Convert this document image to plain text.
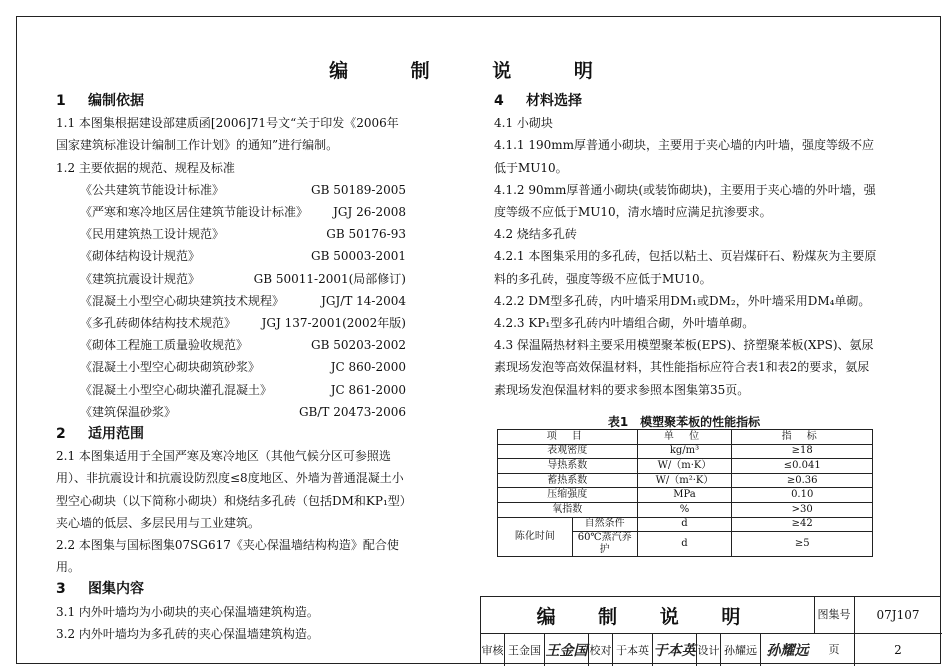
编 制 说 明
1 编制依据

1.1 本图集根据建设部建质函[2006]71号文“关于印发《2006年国家建筑标准设计编制工作计划》的通知”进行编制。

1.2 主要依据的规范、规程及标准

《公共建筑节能设计标准》	GB 50189-2005
《严寒和寒冷地区居住建筑节能设计标准》 JGJ 26-2008
《民用建筑热工设计规范》	GB 50176-93
《砌体结构设计规范》	GB 50003-2001
《建筑抗震设计规范》	GB 50011-2001(局部修订)
《混凝土小型空心砌块建筑技术规程》	JGJ/T 14-2004
《多孔砖砌体结构技术规范》 JGJ 137-2001(2002年版)
《砌体工程施工质量验收规范》	GB 50203-2002
《混凝土小型空心砌块砌筑砂浆》	JC 860-2000
《混凝土小型空心砌块灌孔混凝土》	JC 861-2000
《建筑保温砂浆》	GB/T 20473-2006
2 适用范围

2.1 本图集适用于全国严寒及寒冷地区（其他气候分区可参照选用）、非抗震设计和抗震设防烈度≤8度地区、外墙为普通混凝土小型空心砌块（以下简称小砌块）和烧结多孔砖（包括DM和KP₁型）夹心墙的低层、多层民用与工业建筑。

2.2 本图集与国标图集07SG617《夹心保温墙结构构造》配合使用。

3 图集内容

3.1 内外叶墙均为小砌块的夹心保温墙建筑构造。

3.2 内外叶墙均为多孔砖的夹心保温墙建筑构造。

4 材料选择

4.1 小砌块

4.1.1 190mm厚普通小砌块，主要用于夹心墙的内叶墙，强度等级不应低于MU10。

4.1.2 90mm厚普通小砌块(或装饰砌块)，主要用于夹心墙的外叶墙，强度等级不应低于MU10，清水墙时应满足抗渗要求。

4.2 烧结多孔砖

4.2.1 本图集采用的多孔砖，包括以粘土、页岩煤矸石、粉煤灰为主要原料的多孔砖，强度等级不应低于MU10。

4.2.2 DM型多孔砖，内叶墙采用DM₁或DM₂，外叶墙采用DM₄单砌。

4.2.3 KP₁型多孔砖内叶墙组合砌，外叶墙单砌。

4.3 保温隔热材料主要采用模塑聚苯板(EPS)、挤塑聚苯板(XPS)、氨尿素现场发泡等高效保温材料，其性能指标应符合表1和表2的要求，氨尿素现场发泡保温材料的要求参照本图集第35页。

表1　模塑聚苯板的性能指标
项 目		单 位	指 标
表观密度		kg/m³	≥18
导热系数		W/（m·K）	≤0.041
蓄热系数		W/（m²·K）	≥0.36
压缩强度		MPa	0.10
氧指数		%	>30
陈化时间	自然条件	d	≥42
	60℃蒸汽养护	d	≥5
编 制 说 明	图集号	07J107
页	2
审核 王金国 王金国 校对 于本英 于本英 设计 孙耀远 孙耀远
